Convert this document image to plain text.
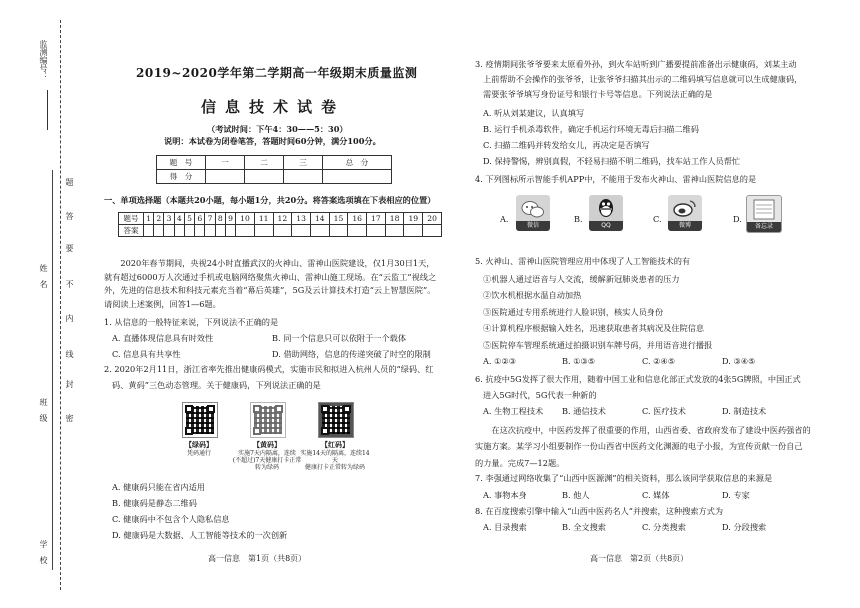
监测编号：
题
答
要
不
内
线
封
密
姓　名
班　级
学　校
2019~2020学年第二学期高一年级期末质量监测
信息技术试卷
（考试时间：下午4：30——5：30）
说明：本试卷为闭卷笔答，答题时间60分钟，满分100分。
题　号	一	二	三	总　分
得　分				
一、单项选择题（本题共20小题，每小题1分，共20分。将答案选项填在下表相应的位置）
题号	1	2	3	4	5	6	7	8	9	10	11	12	13	14	15	16	17	18	19	20
答案																				
　　2020年春节期间，央视24小时直播武汉的火神山、雷神山医院建设，仅1月30日1天，
就有超过6000万人次通过手机或电脑网络聚焦火神山、雷神山施工现场。在“云监工”视线之
外，先进的信息技术和科技元素充当着“幕后英雄”，5G及云计算技术打造“云上智慧医院”。
请阅读上述案例，回答1—6题。
1. 从信息的一般特征来说，下列说法不正确的是
A. 直播体现信息具有时效性	B. 同一个信息只可以依附于一个载体
C. 信息具有共享性	D. 借助网络，信息的传递突破了时空的限制
2. 2020年2月11日，浙江省率先推出健康码模式，实施市民和拟进入杭州人员的“绿码、红
码、黄码”三色动态管理。关于健康码，下列说法正确的是
【绿码】
凭码通行
【黄码】
实施7天内隔离，连续
(不超过)7天健康打卡正常
转为绿码
【红码】
实施14天的隔离，连续14天
健康打卡正常转为绿码
A. 健康码只能在省内适用
B. 健康码是静态二维码
C. 健康码中不包含个人隐私信息
D. 健康码是大数据、人工智能等技术的一次创新
高一信息　第1页（共8页）
3. 疫情期间张爷爷要来太原看外孙，到火车站听到广播要提前准备出示健康码，刘某主动
上前帮助不会操作的张爷爷，让张爷爷扫描其出示的二维码填写信息就可以生成健康码，
需要张爷爷填写身份证号和银行卡号等信息。下列说法正确的是
A. 听从刘某建议，认真填写
B. 运行手机杀毒软件，确定手机运行环境无毒后扫描二维码
C. 扫描二维码并转发给女儿，再决定是否填写
D. 保持警惕，辨别真假，不轻易扫描不明二维码，找车站工作人员帮忙
4. 下列图标所示智能手机APP中，不能用于发布火神山、雷神山医院信息的是
A.
微信
B.
QQ
C.
微博
D.
备忘录
5. 火神山、雷神山医院管理应用中体现了人工智能技术的有
①机器人通过语音与人交流，缓解新冠肺炎患者的压力
②饮水机根据水温自动加热
③医院通过专用系统进行人脸识别，核实人员身份
④计算机程序根据输入姓名，迅速获取患者其病况及住院信息
⑤医院停车管理系统通过拍摄识别车牌号码，并用语音进行播报
A. ①②③	B. ①③⑤	C. ②④⑤	D. ③④⑤
6. 抗疫中5G发挥了很大作用，随着中国工业和信息化部正式发放的4张5G牌照，中国正式
进入5G时代，5G代表一种新的
A. 生物工程技术 B. 通信技术	C. 医疗技术	D. 制造技术
　　在这次抗疫中，中医药发挥了很重要的作用，山西省委、省政府发布了建设中医药强省的
实施方案。某学习小组要制作一份山西省中医药文化渊源的电子小报，为宣传贡献一份自己
的力量。完成7—12题。
7. 李强通过网络收集了“山西中医源渊”的相关资料，那么该同学获取信息的来源是
A. 事物本身	B. 他人	C. 媒体	D. 专家
8. 在百度搜索引擎中输入“山西中医药名人”并搜索，这种搜索方式为
A. 目录搜索	B. 全文搜索	C. 分类搜索	D. 分段搜索
高一信息　第2页（共8页）
